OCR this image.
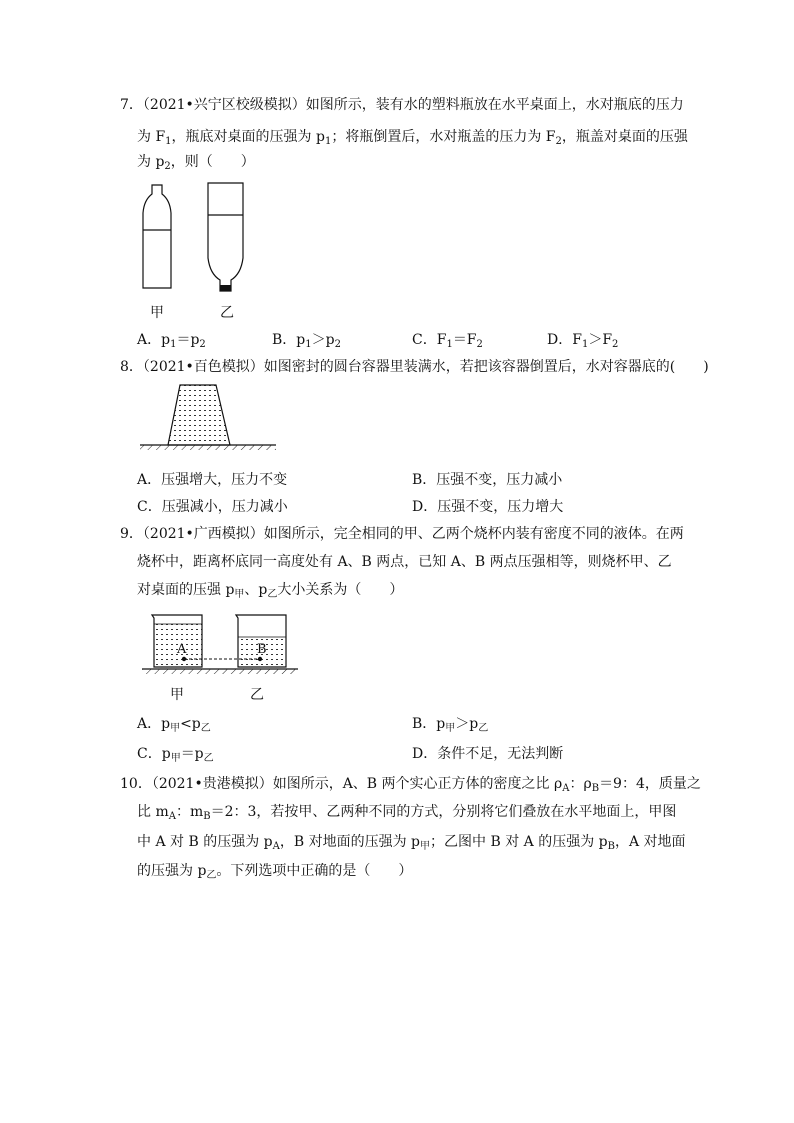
7．（2021•兴宁区校级模拟）如图所示，装有水的塑料瓶放在水平桌面上，水对瓶底的压力
为 $F_1$，瓶底对桌面的压强为 $p_1$；将瓶倒置后，水对瓶盖的压力为 $F_2$，瓶盖对桌面的压强
为 $p_2$，则（　　）
甲	乙
A．$p_1=p_2$	B．$p_1>p_2$	C．$F_1=F_2$	D．$F_1>F_2$
8．（2021•百色模拟）如图密封的圆台容器里装满水，若把该容器倒置后，水对容器底的(　　)
A．压强增大，压力不变	B．压强不变，压力减小
C．压强减小，压力减小	D．压强不变，压力增大
9．（2021•广西模拟）如图所示，完全相同的甲、乙两个烧杯内装有密度不同的液体。在两
烧杯中，距离杯底同一高度处有 A、B 两点，已知 A、B 两点压强相等，则烧杯甲、乙
对桌面的压强 $p_甲$、$p_乙$大小关系为（　　）
A	B
甲	乙
A．$p_甲<p_乙$	B．$p_甲>p_乙$
C．$p_甲=p_乙$	D．条件不足，无法判断
10．（2021•贵港模拟）如图所示，A、B 两个实心正方体的密度之比 $\rho_A$：$\rho_B=9$：4，质量之
比 $m_A$：$m_B=2$：3，若按甲、乙两种不同的方式，分别将它们叠放在水平地面上，甲图
中 A 对 B 的压强为 $p_A$，B 对地面的压强为 $p_甲$；乙图中 B 对 A 的压强为 $p_B$，A 对地面
的压强为 $p_乙$。下列选项中正确的是（　　）
